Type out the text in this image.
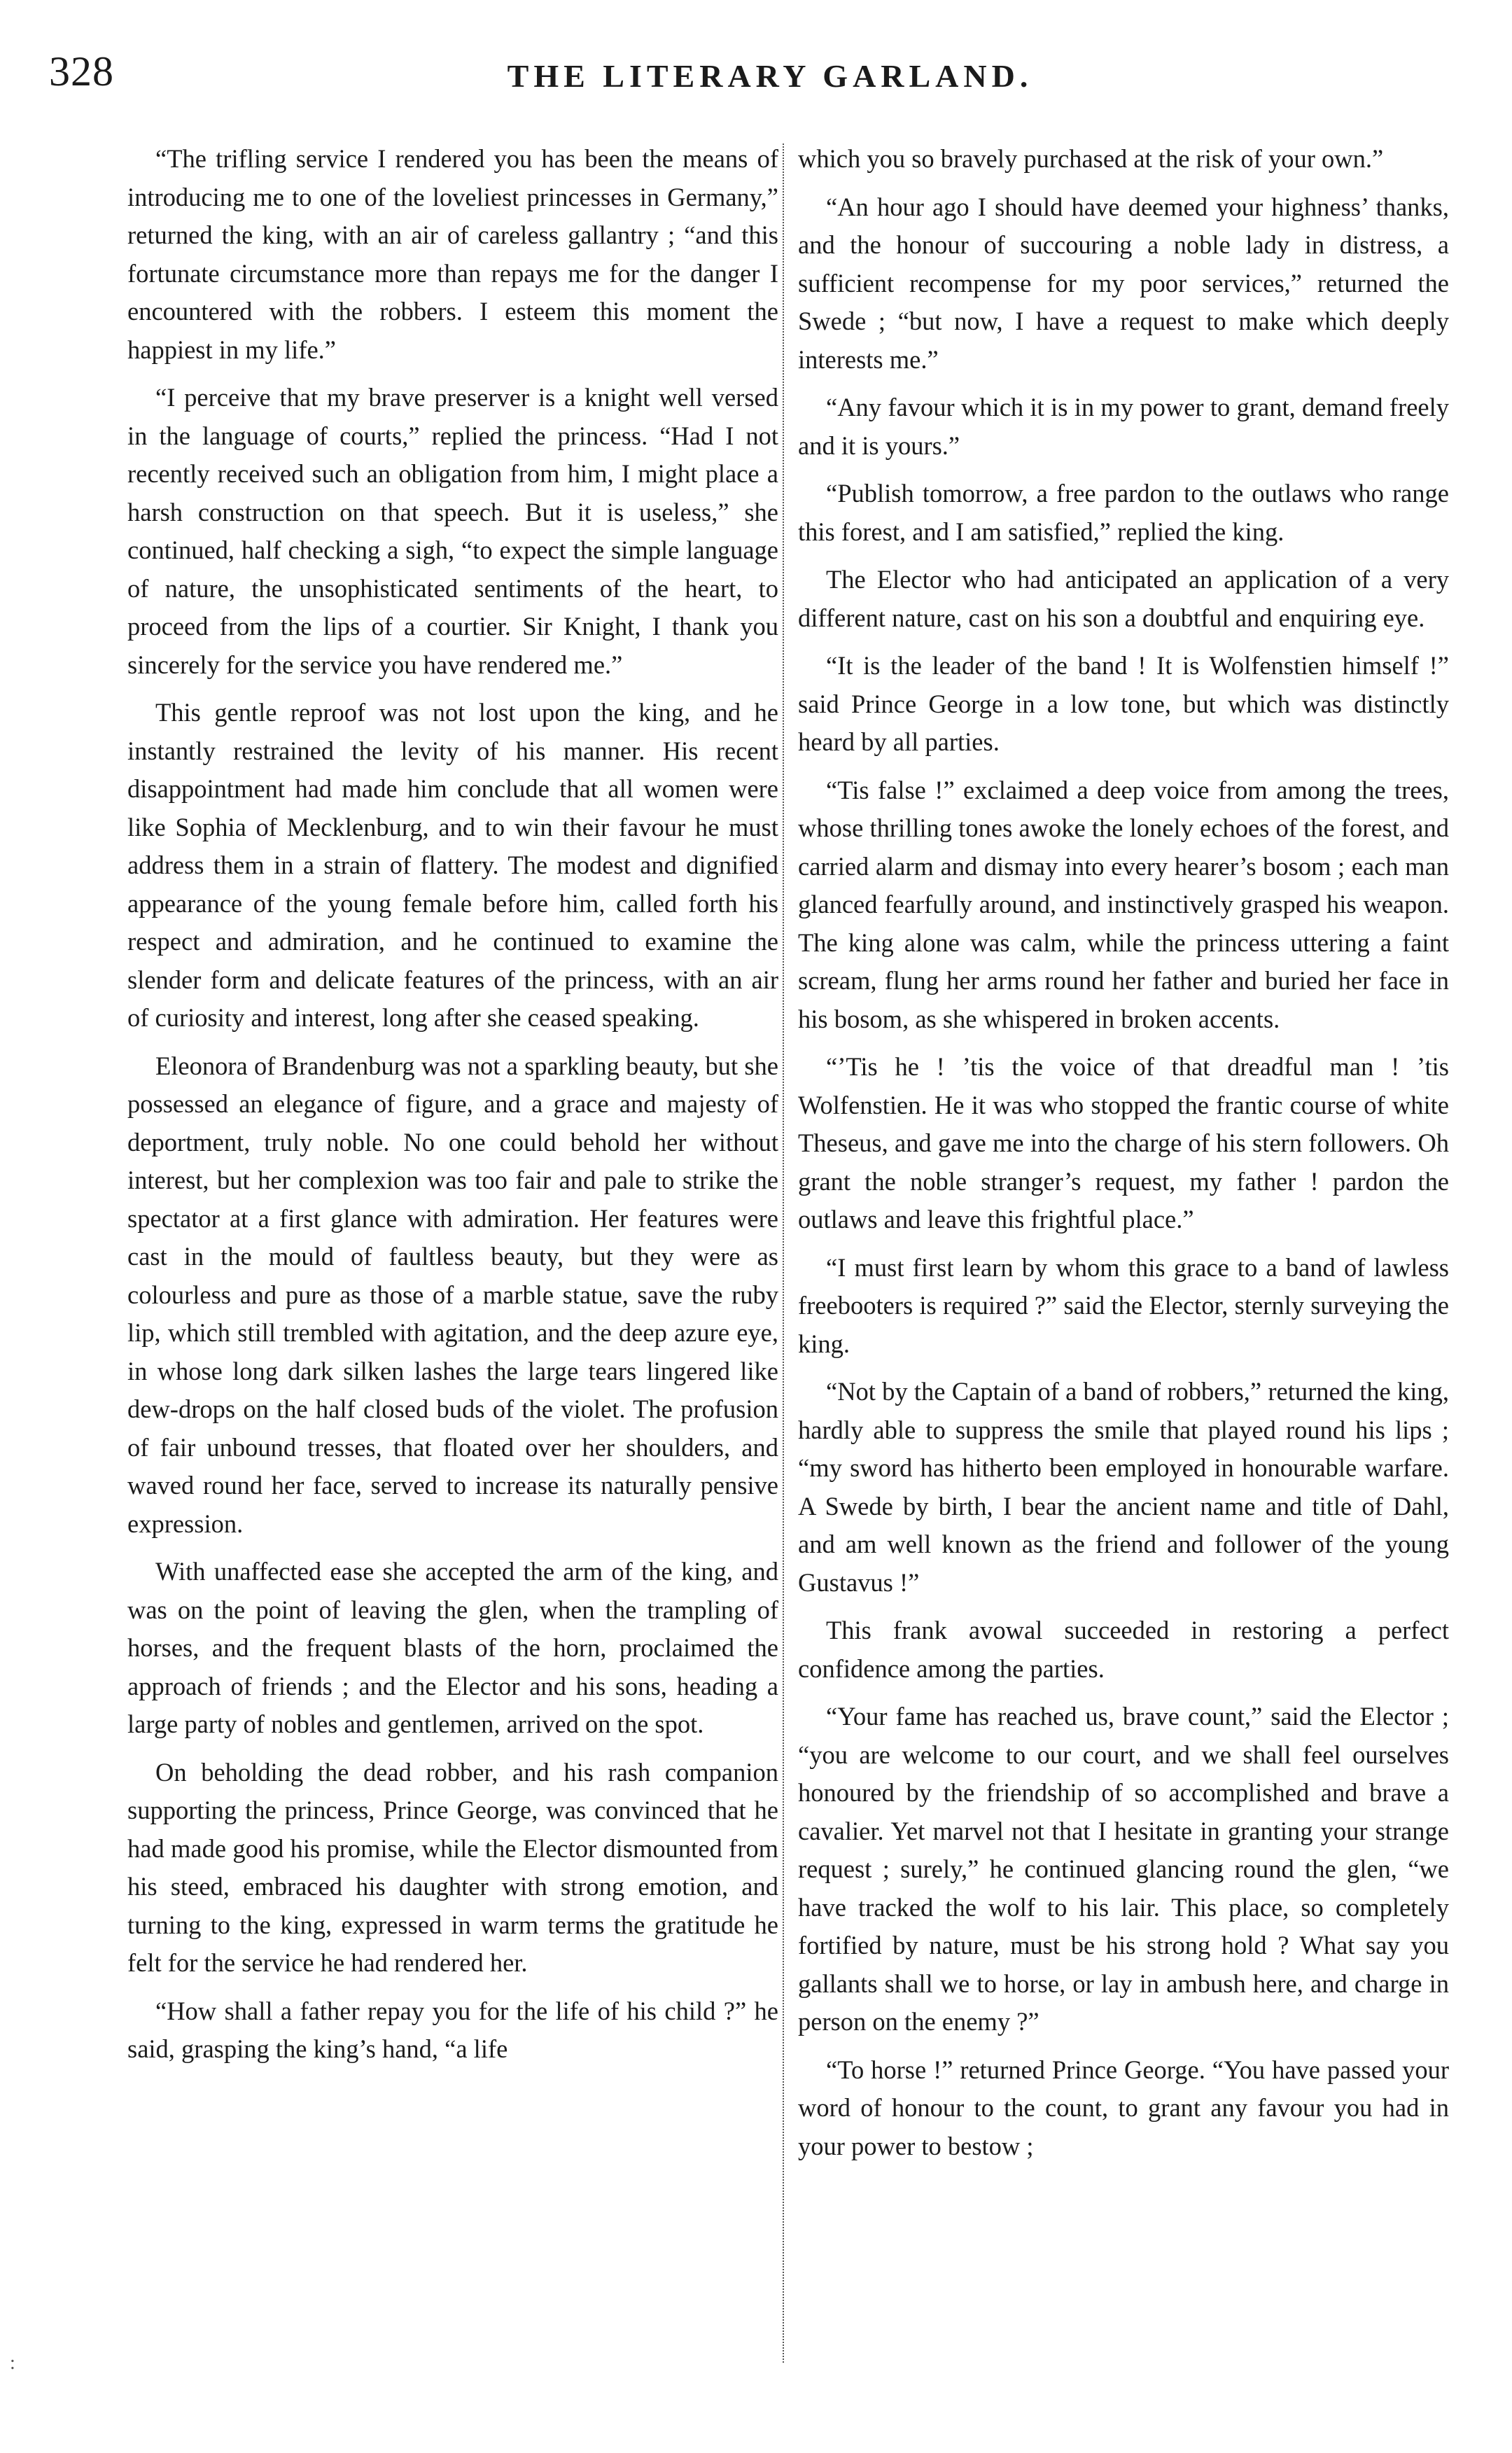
328	THE LITERARY GARLAND.

“The trifling service I rendered you has been the means of introducing me to one of the loveliest princesses in Germany,” returned the king, with an air of careless gallantry ; “and this fortunate circumstance more than repays me for the danger I encountered with the robbers. I esteem this moment the happiest in my life.”

“I perceive that my brave preserver is a knight well versed in the language of courts,” replied the princess. “Had I not recently received such an obligation from him, I might place a harsh construction on that speech. But it is useless,” she continued, half checking a sigh, “to expect the simple language of nature, the unsophisticated sentiments of the heart, to proceed from the lips of a courtier. Sir Knight, I thank you sincerely for the service you have rendered me.”

This gentle reproof was not lost upon the king, and he instantly restrained the levity of his manner. His recent disappointment had made him conclude that all women were like Sophia of Mecklenburg, and to win their favour he must address them in a strain of flattery. The modest and dignified appearance of the young female before him, called forth his respect and admiration, and he continued to examine the slender form and delicate features of the princess, with an air of curiosity and interest, long after she ceased speaking.

Eleonora of Brandenburg was not a sparkling beauty, but she possessed an elegance of figure, and a grace and majesty of deportment, truly noble. No one could behold her without interest, but her complexion was too fair and pale to strike the spectator at a first glance with admiration. Her features were cast in the mould of faultless beauty, but they were as colourless and pure as those of a marble statue, save the ruby lip, which still trembled with agitation, and the deep azure eye, in whose long dark silken lashes the large tears lingered like dew-drops on the half closed buds of the violet. The profusion of fair unbound tresses, that floated over her shoulders, and waved round her face, served to increase its naturally pensive expression.

With unaffected ease she accepted the arm of the king, and was on the point of leaving the glen, when the trampling of horses, and the frequent blasts of the horn, proclaimed the approach of friends ; and the Elector and his sons, heading a large party of nobles and gentlemen, arrived on the spot.

On beholding the dead robber, and his rash companion supporting the princess, Prince George, was convinced that he had made good his promise, while the Elector dismounted from his steed, embraced his daughter with strong emotion, and turning to the king, expressed in warm terms the gratitude he felt for the service he had rendered her.

“How shall a father repay you for the life of his child ?” he said, grasping the king’s hand, “a life

which you so bravely purchased at the risk of your own.”

“An hour ago I should have deemed your highness’ thanks, and the honour of succouring a noble lady in distress, a sufficient recompense for my poor services,” returned the Swede ; “but now, I have a request to make which deeply interests me.”

“Any favour which it is in my power to grant, demand freely and it is yours.”

“Publish tomorrow, a free pardon to the outlaws who range this forest, and I am satisfied,” replied the king.

The Elector who had anticipated an application of a very different nature, cast on his son a doubtful and enquiring eye.

“It is the leader of the band ! It is Wolfenstien himself !” said Prince George in a low tone, but which was distinctly heard by all parties.

“Tis false !” exclaimed a deep voice from among the trees, whose thrilling tones awoke the lonely echoes of the forest, and carried alarm and dismay into every hearer’s bosom ; each man glanced fearfully around, and instinctively grasped his weapon. The king alone was calm, while the princess uttering a faint scream, flung her arms round her father and buried her face in his bosom, as she whispered in broken accents.

“’Tis he ! ’tis the voice of that dreadful man ! ’tis Wolfenstien. He it was who stopped the frantic course of white Theseus, and gave me into the charge of his stern followers. Oh grant the noble stranger’s request, my father ! pardon the outlaws and leave this frightful place.”

“I must first learn by whom this grace to a band of lawless freebooters is required ?” said the Elector, sternly surveying the king.

“Not by the Captain of a band of robbers,” returned the king, hardly able to suppress the smile that played round his lips ; “my sword has hitherto been employed in honourable warfare. A Swede by birth, I bear the ancient name and title of Dahl, and am well known as the friend and follower of the young Gustavus !”

This frank avowal succeeded in restoring a perfect confidence among the parties.

“Your fame has reached us, brave count,” said the Elector ; “you are welcome to our court, and we shall feel ourselves honoured by the friendship of so accomplished and brave a cavalier. Yet marvel not that I hesitate in granting your strange request ; surely,” he continued glancing round the glen, “we have tracked the wolf to his lair. This place, so completely fortified by nature, must be his strong hold ? What say you gallants shall we to horse, or lay in ambush here, and charge in person on the enemy ?”

“To horse !” returned Prince George. “You have passed your word of honour to the count, to grant any favour you had in your power to bestow ;

:
